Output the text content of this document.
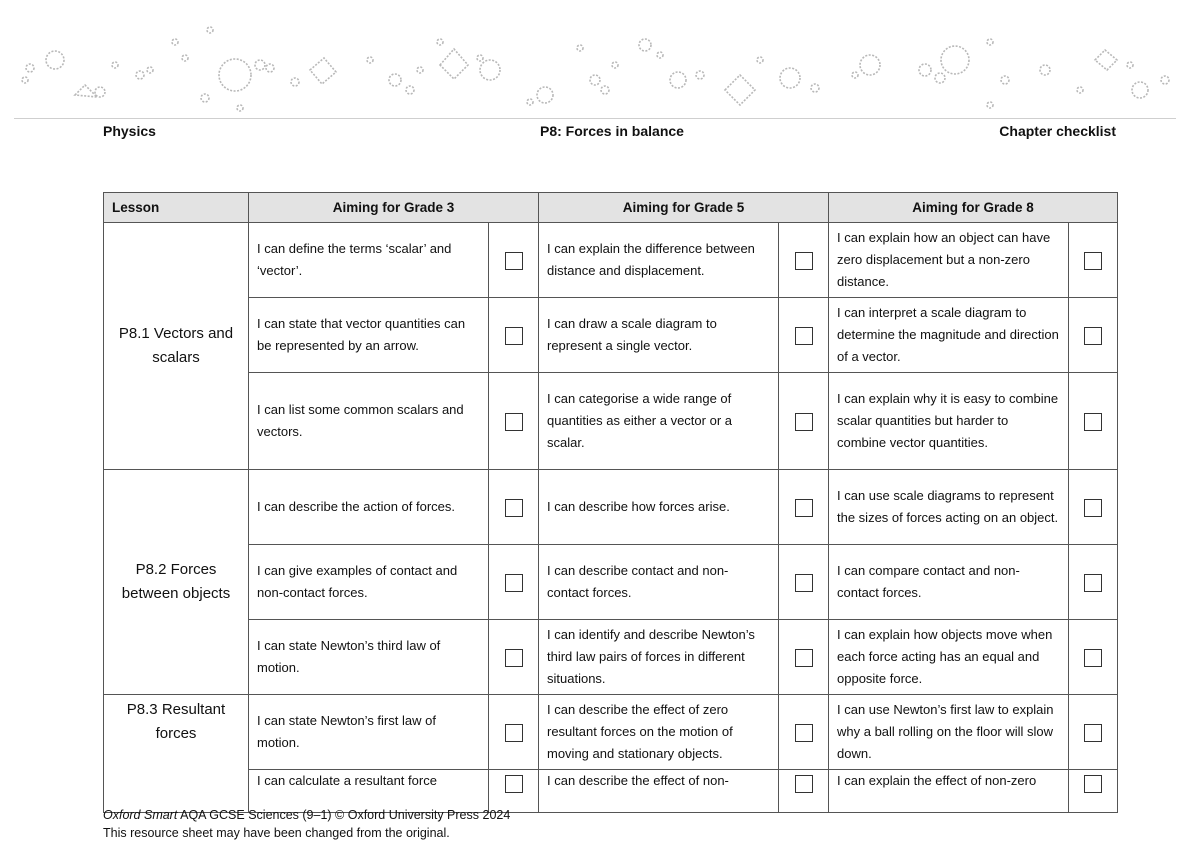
Physics	P8: Forces in balance	Chapter checklist
Lesson	Aiming for Grade 3		Aiming for Grade 5		Aiming for Grade 8	
P8.1 Vectors and scalars	I can define the terms ‘scalar’ and ‘vector’.		I can explain the difference between distance and displacement.		I can explain how an object can have zero displacement but a non-zero distance.	
	I can state that vector quantities can be represented by an arrow.		I can draw a scale diagram to represent a single vector.		I can interpret a scale diagram to determine the magnitude and direction of a vector.	
	I can list some common scalars and vectors.		I can categorise a wide range of quantities as either a vector or a scalar.		I can explain why it is easy to combine scalar quantities but harder to combine vector quantities.	
P8.2 Forces between objects	I can describe the action of forces.		I can describe how forces arise.		I can use scale diagrams to represent the sizes of forces acting on an object.	
	I can give examples of contact and non-contact forces.		I can describe contact and non-contact forces.		I can compare contact and non-contact forces.	
	I can state Newton’s third law of motion.		I can identify and describe Newton’s third law pairs of forces in different situations.		I can explain how objects move when each force acting has an equal and opposite force.	
P8.3 Resultant forces	I can state Newton’s first law of motion.		I can describe the effect of zero resultant forces on the motion of moving and stationary objects.		I can use Newton’s first law to explain why a ball rolling on the floor will slow down.	
	I can calculate a resultant force		I can describe the effect of non-		I can explain the effect of non-zero	
Oxford Smart AQA GCSE Sciences (9–1) © Oxford University Press 2024
This resource sheet may have been changed from the original.
